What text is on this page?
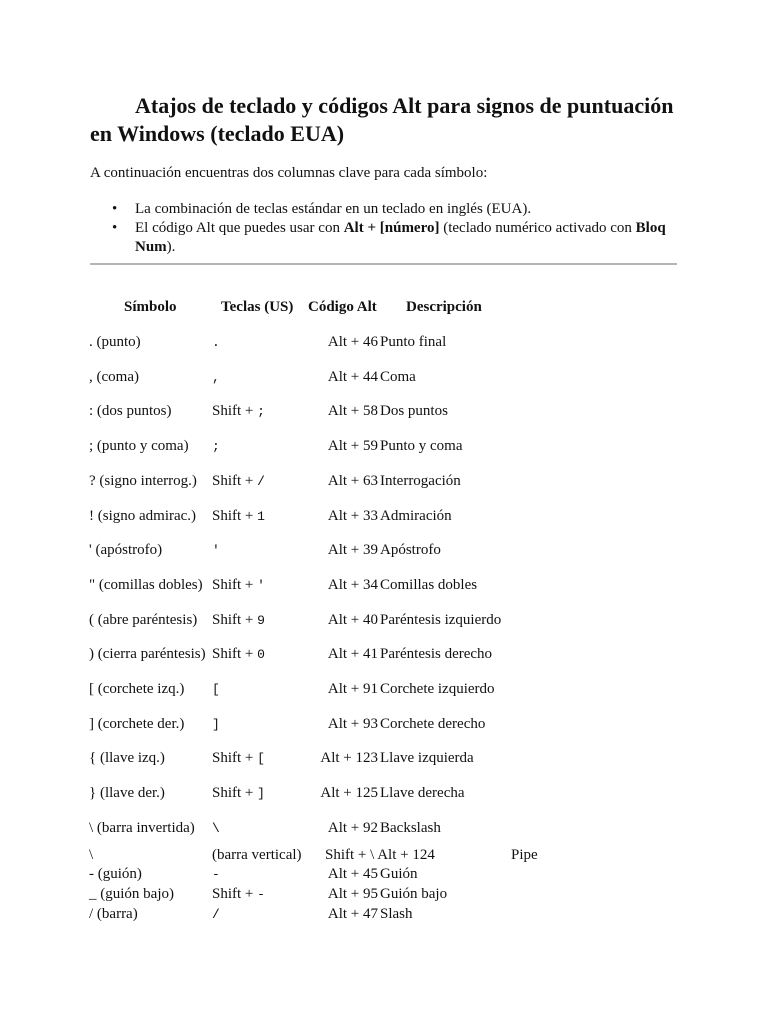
Atajos de teclado y códigos Alt para signos de puntuación en Windows (teclado EUA)

A continuación encuentras dos columnas clave para cada símbolo:

• La combinación de teclas estándar en un teclado en inglés (EUA).
• El código Alt que puedes usar con Alt + [número] (teclado numérico activado con Bloq Num).
Símbolo	Teclas (US) Código Alt Descripción
. (punto)	.	Alt + 46 Punto final
, (coma)	,	Alt + 44 Coma
: (dos puntos)	Shift + ;	Alt + 58 Dos puntos
; (punto y coma) ;	Alt + 59 Punto y coma
? (signo interrog.) Shift + /	Alt + 63 Interrogación
! (signo admirac.) Shift + 1	Alt + 33 Admiración
' (apóstrofo)	'	Alt + 39 Apóstrofo
" (comillas dobles) Shift + '	Alt + 34 Comillas dobles
( (abre paréntesis) Shift + 9	Alt + 40 Paréntesis izquierdo
) (cierra paréntesis) Shift + 0	Alt + 41 Paréntesis derecho
[ (corchete izq.) [	Alt + 91 Corchete izquierdo
] (corchete der.) ]	Alt + 93 Corchete derecho
{ (llave izq.)	Shift + [	Alt + 123 Llave izquierda
} (llave der.)	Shift + ]	Alt + 125 Llave derecha
\ (barra invertida) \	Alt + 92 Backslash
\	(barra vertical) Shift + \ Alt + 124	Pipe
- (guión)	-	Alt + 45 Guión
_ (guión bajo)	Shift + -	Alt + 95 Guión bajo
/ (barra)	/	Alt + 47 Slash
